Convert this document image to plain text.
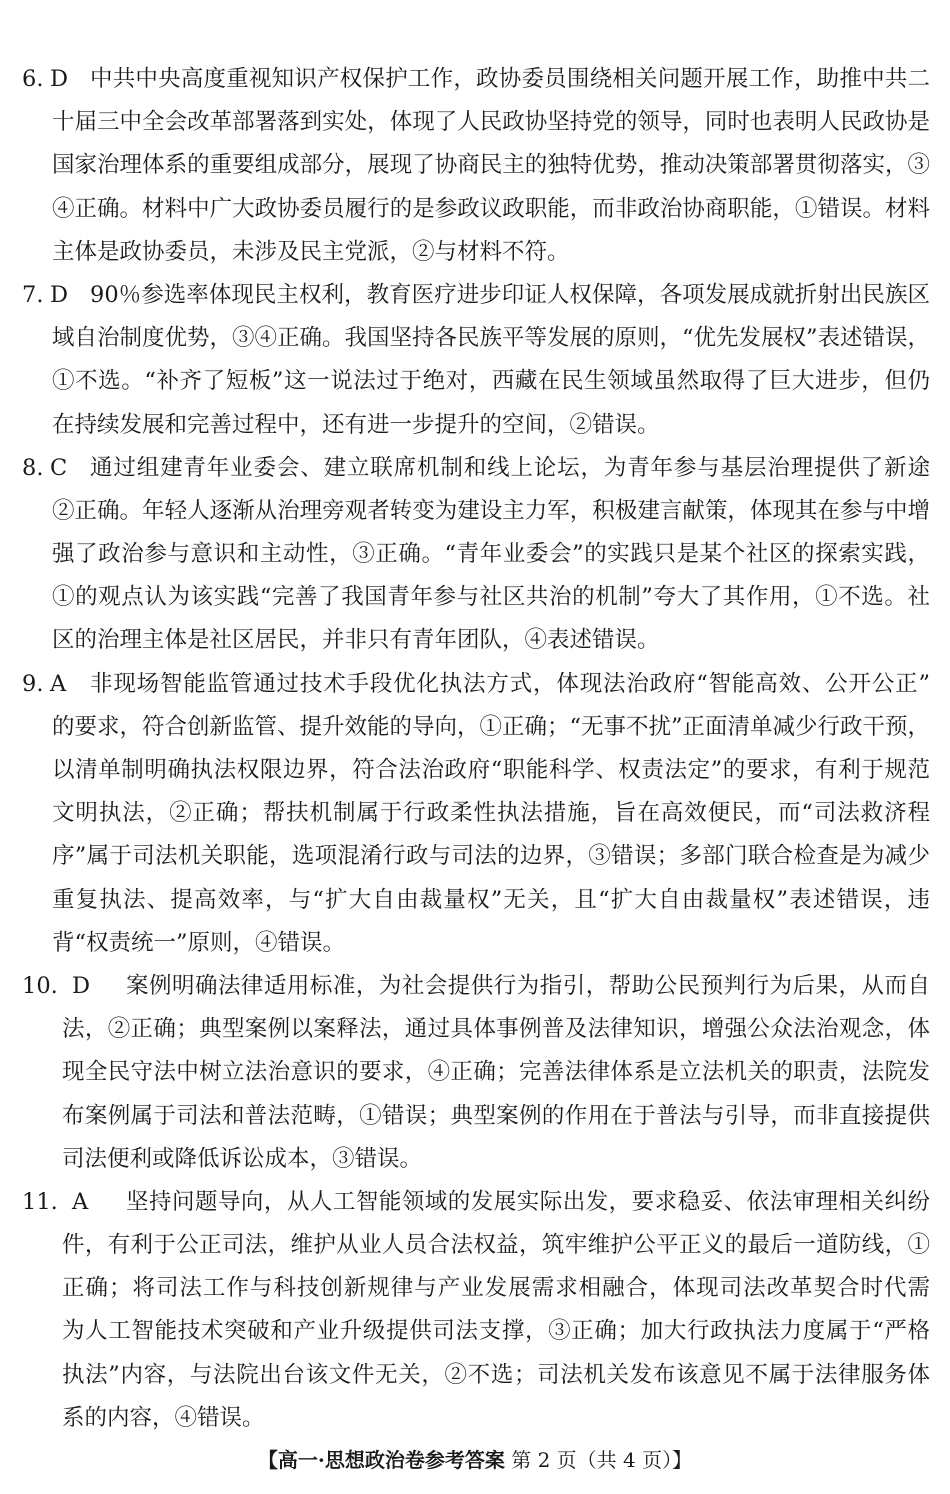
6. D 中共中央高度重视知识产权保护工作，政协委员围绕相关问题开展工作，助推中共二
十届三中全会改革部署落到实处，体现了人民政协坚持党的领导，同时也表明人民政协是
国家治理体系的重要组成部分，展现了协商民主的独特优势，推动决策部署贯彻落实，③
④正确。材料中广大政协委员履行的是参政议政职能，而非政治协商职能，①错误。材料
主体是政协委员，未涉及民主党派，②与材料不符。
7. D 90％参选率体现民主权利，教育医疗进步印证人权保障，各项发展成就折射出民族区
域自治制度优势，③④正确。我国坚持各民族平等发展的原则，“优先发展权”表述错误，
①不选。“补齐了短板”这一说法过于绝对，西藏在民生领域虽然取得了巨大进步，但仍
在持续发展和完善过程中，还有进一步提升的空间，②错误。
8. C 通过组建青年业委会、建立联席机制和线上论坛，为青年参与基层治理提供了新途
②正确。年轻人逐渐从治理旁观者转变为建设主力军，积极建言献策，体现其在参与中增
强了政治参与意识和主动性，③正确。“青年业委会”的实践只是某个社区的探索实践，
①的观点认为该实践“完善了我国青年参与社区共治的机制”夸大了其作用，①不选。社
区的治理主体是社区居民，并非只有青年团队，④表述错误。
9. A 非现场智能监管通过技术手段优化执法方式，体现法治政府“智能高效、公开公正”
的要求，符合创新监管、提升效能的导向，①正确；“无事不扰”正面清单减少行政干预，
以清单制明确执法权限边界，符合法治政府“职能科学、权责法定”的要求，有利于规范
文明执法，②正确；帮扶机制属于行政柔性执法措施，旨在高效便民，而“司法救济程
序”属于司法机关职能，选项混淆行政与司法的边界，③错误；多部门联合检查是为减少
重复执法、提高效率，与“扩大自由裁量权”无关，且“扩大自由裁量权”表述错误，违
背“权责统一”原则，④错误。
10. D 案例明确法律适用标准，为社会提供行为指引，帮助公民预判行为后果，从而自
法，②正确；典型案例以案释法，通过具体事例普及法律知识，增强公众法治观念，体
现全民守法中树立法治意识的要求，④正确；完善法律体系是立法机关的职责，法院发
布案例属于司法和普法范畴，①错误；典型案例的作用在于普法与引导，而非直接提供
司法便利或降低诉讼成本，③错误。
11. A 坚持问题导向，从人工智能领域的发展实际出发，要求稳妥、依法审理相关纠纷
件，有利于公正司法，维护从业人员合法权益，筑牢维护公平正义的最后一道防线，①
正确；将司法工作与科技创新规律与产业发展需求相融合，体现司法改革契合时代需
为人工智能技术突破和产业升级提供司法支撑，③正确；加大行政执法力度属于“严格
执法”内容，与法院出台该文件无关，②不选；司法机关发布该意见不属于法律服务体
系的内容，④错误。
【高一·思想政治卷参考答案 第 2 页（共 4 页）】
